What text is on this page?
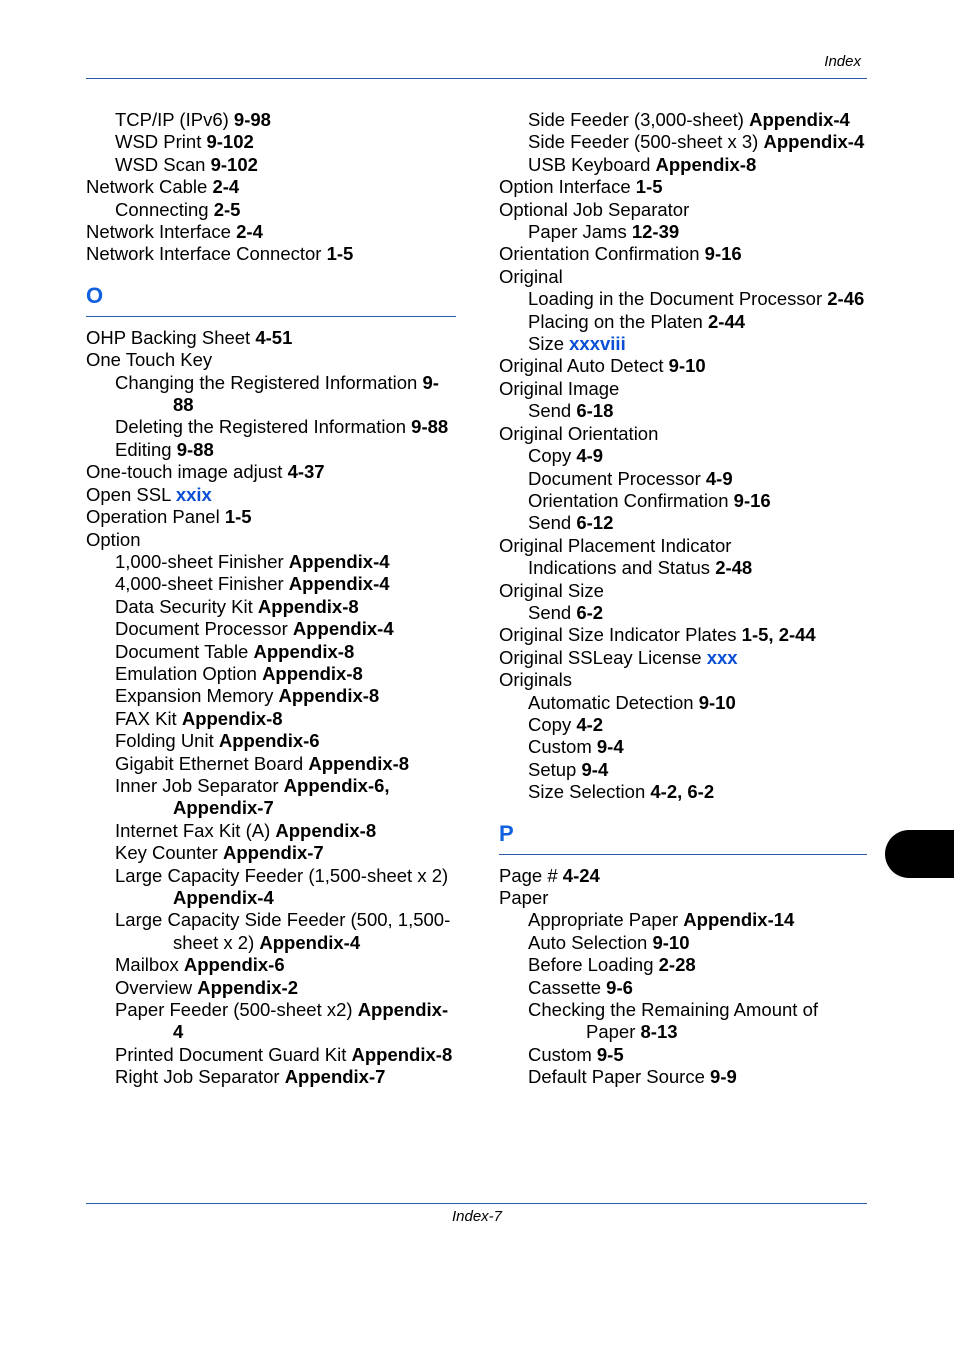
Index
TCP/IP (IPv6) 9-98
WSD Print 9-102
WSD Scan 9-102
Network Cable 2-4
Connecting 2-5
Network Interface 2-4
Network Interface Connector 1-5
O
OHP Backing Sheet 4-51
One Touch Key
Changing the Registered Information 9-88
Deleting the Registered Information 9-88
Editing 9-88
One-touch image adjust 4-37
Open SSL xxix
Operation Panel 1-5
Option
1,000-sheet Finisher Appendix-4
4,000-sheet Finisher Appendix-4
Data Security Kit Appendix-8
Document Processor Appendix-4
Document Table Appendix-8
Emulation Option Appendix-8
Expansion Memory Appendix-8
FAX Kit Appendix-8
Folding Unit Appendix-6
Gigabit Ethernet Board Appendix-8
Inner Job Separator Appendix-6, Appendix-7
Internet Fax Kit (A) Appendix-8
Key Counter Appendix-7
Large Capacity Feeder (1,500-sheet x 2) Appendix-4
Large Capacity Side Feeder (500, 1,500-sheet x 2) Appendix-4
Mailbox Appendix-6
Overview Appendix-2
Paper Feeder (500-sheet x2) Appendix-4
Printed Document Guard Kit Appendix-8
Right Job Separator Appendix-7
Side Feeder (3,000-sheet) Appendix-4
Side Feeder (500-sheet x 3) Appendix-4
USB Keyboard Appendix-8
Option Interface 1-5
Optional Job Separator
Paper Jams 12-39
Orientation Confirmation 9-16
Original
Loading in the Document Processor 2-46
Placing on the Platen 2-44
Size xxxviii
Original Auto Detect 9-10
Original Image
Send 6-18
Original Orientation
Copy 4-9
Document Processor 4-9
Orientation Confirmation 9-16
Send 6-12
Original Placement Indicator
Indications and Status 2-48
Original Size
Send 6-2
Original Size Indicator Plates 1-5, 2-44
Original SSLeay License xxx
Originals
Automatic Detection 9-10
Copy 4-2
Custom 9-4
Setup 9-4
Size Selection 4-2, 6-2
P
Page # 4-24
Paper
Appropriate Paper Appendix-14
Auto Selection 9-10
Before Loading 2-28
Cassette 9-6
Checking the Remaining Amount of Paper 8-13
Custom 9-5
Default Paper Source 9-9
Index-7
